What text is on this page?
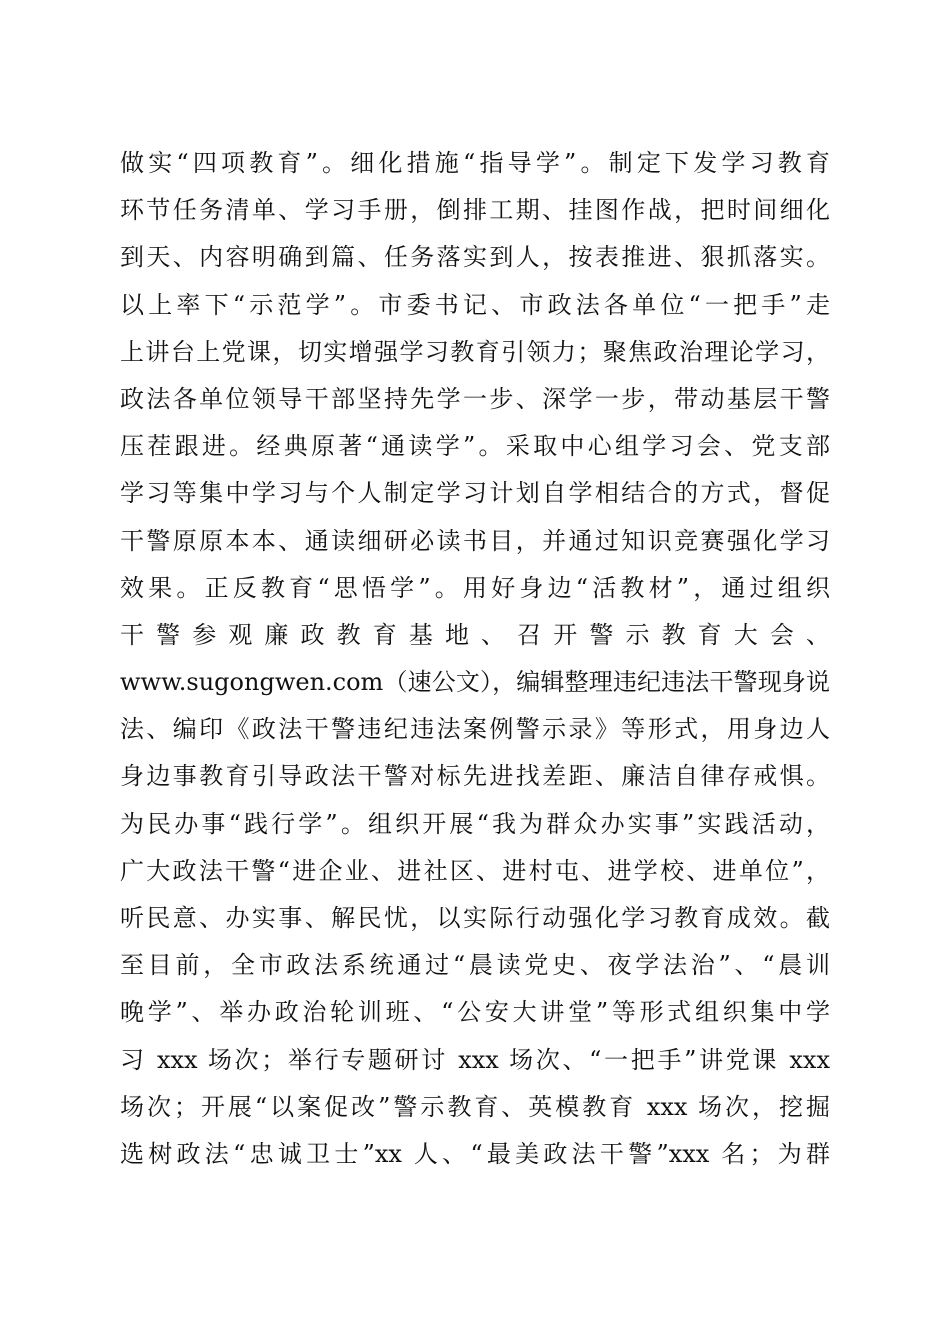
做实“四项教育”。细化措施“指导学”。制定下发学习教育
环节任务清单、学习手册，倒排工期、挂图作战，把时间细化
到天、内容明确到篇、任务落实到人，按表推进、狠抓落实。
以上率下“示范学”。市委书记、市政法各单位“一把手”走
上讲台上党课，切实增强学习教育引领力；聚焦政治理论学习，
政法各单位领导干部坚持先学一步、深学一步，带动基层干警
压茬跟进。经典原著“通读学”。采取中心组学习会、党支部
学习等集中学习与个人制定学习计划自学相结合的方式，督促
干警原原本本、通读细研必读书目，并通过知识竞赛强化学习
效果。正反教育“思悟学”。用好身边“活教材”，通过组织
干 警 参 观 廉 政 教 育 基 地 、 召 开 警 示 教 育 大 会 、
www.sugongwen.com（速公文），编辑整理违纪违法干警现身说
法、编印《政法干警违纪违法案例警示录》等形式，用身边人
身边事教育引导政法干警对标先进找差距、廉洁自律存戒惧。
为民办事“践行学”。组织开展“我为群众办实事”实践活动，
广大政法干警“进企业、进社区、进村屯、进学校、进单位”，
听民意、办实事、解民忧，以实际行动强化学习教育成效。截
至目前，全市政法系统通过“晨读党史、夜学法治”、“晨训
晚学”、举办政治轮训班、“公安大讲堂”等形式组织集中学
习 xxx 场次；举行专题研讨 xxx 场次、“一把手”讲党课 xxx
场次；开展“以案促改”警示教育、英模教育 xxx 场次，挖掘
选树政法“忠诚卫士”xx 人、“最美政法干警”xxx 名；为群
